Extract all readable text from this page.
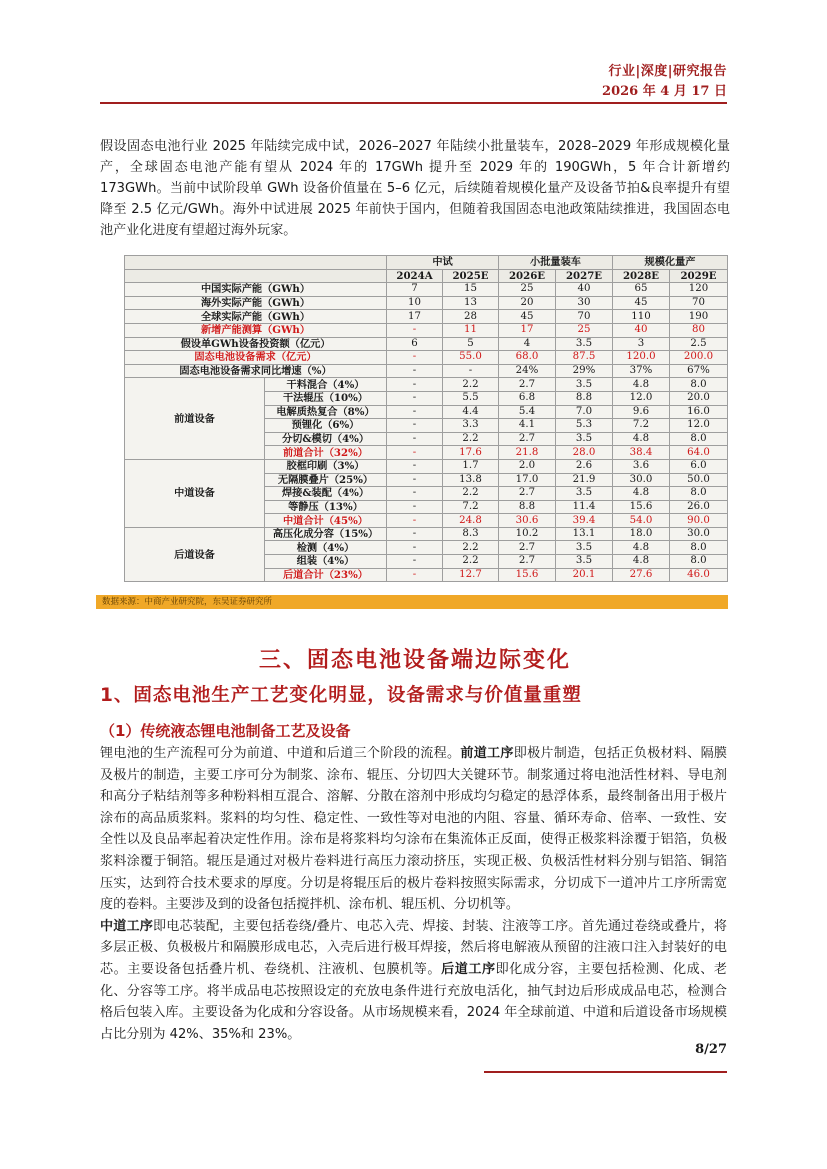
行业|深度|研究报告
2026 年 4 月 17 日

假设固态电池行业 2025 年陆续完成中试，2026–2027 年陆续小批量装车，2028–2029 年形成规模化量产，全球固态电池产能有望从 2024 年的 17GWh 提升至 2029 年的 190GWh，5 年合计新增约 173GWh。当前中试阶段单 GWh 设备价值量在 5–6 亿元，后续随着规模化量产及设备节拍&良率提升有望降至 2.5 亿元/GWh。海外中试进展 2025 年前快于国内，但随着我国固态电池政策陆续推进，我国固态电池产业化进度有望超过海外玩家。

		中试		小批量装车		规模化量产	
		2024A	2025E	2026E	2027E	2028E	2029E
中国实际产能（GWh）		7	15	25	40	65	120
海外实际产能（GWh）		10	13	20	30	45	70
全球实际产能（GWh）		17	28	45	70	110	190
新增产能测算（GWh）		-	11	17	25	40	80
假设单GWh设备投资额（亿元）		6	5	4	3.5	3	2.5
固态电池设备需求（亿元）		-	55.0	68.0	87.5	120.0	200.0
固态电池设备需求同比增速（%）		-	-	24%	29%	37%	67%
前道设备	干料混合（4%）	-	2.2	2.7	3.5	4.8	8.0
	干法辊压（10%）	-	5.5	6.8	8.8	12.0	20.0
	电解质热复合（8%）	-	4.4	5.4	7.0	9.6	16.0
	预锂化（6%）	-	3.3	4.1	5.3	7.2	12.0
	分切&模切（4%）	-	2.2	2.7	3.5	4.8	8.0
	前道合计（32%）	-	17.6	21.8	28.0	38.4	64.0
中道设备	胶框印刷（3%）	-	1.7	2.0	2.6	3.6	6.0
	无隔膜叠片（25%）	-	13.8	17.0	21.9	30.0	50.0
	焊接&装配（4%）	-	2.2	2.7	3.5	4.8	8.0
	等静压（13%）	-	7.2	8.8	11.4	15.6	26.0
	中道合计（45%）	-	24.8	30.6	39.4	54.0	90.0
后道设备	高压化成分容（15%）	-	8.3	10.2	13.1	18.0	30.0
	检测（4%）	-	2.2	2.7	3.5	4.8	8.0
	组装（4%）	-	2.2	2.7	3.5	4.8	8.0
	后道合计（23%）	-	12.7	15.6	20.1	27.6	46.0
数据来源：中商产业研究院，东吴证券研究所
三、固态电池设备端边际变化
1、固态电池生产工艺变化明显，设备需求与价值量重塑
（1）传统液态锂电池制备工艺及设备
锂电池的生产流程可分为前道、中道和后道三个阶段的流程。前道工序即极片制造，包括正负极材料、隔膜及极片的制造，主要工序可分为制浆、涂布、辊压、分切四大关键环节。制浆通过将电池活性材料、导电剂和高分子粘结剂等多种粉料相互混合、溶解、分散在溶剂中形成均匀稳定的悬浮体系，最终制备出用于极片涂布的高品质浆料。浆料的均匀性、稳定性、一致性等对电池的内阻、容量、循环寿命、倍率、一致性、安全性以及良品率起着决定性作用。涂布是将浆料均匀涂布在集流体正反面，使得正极浆料涂覆于铝箔，负极浆料涂覆于铜箔。辊压是通过对极片卷料进行高压力滚动挤压，实现正极、负极活性材料分别与铝箔、铜箔压实，达到符合技术要求的厚度。分切是将辊压后的极片卷料按照实际需求，分切成下一道冲片工序所需宽度的卷料。主要涉及到的设备包括搅拌机、涂布机、辊压机、分切机等。
中道工序即电芯装配，主要包括卷绕/叠片、电芯入壳、焊接、封装、注液等工序。首先通过卷绕或叠片，将多层正极、负极极片和隔膜形成电芯，入壳后进行极耳焊接，然后将电解液从预留的注液口注入封装好的电芯。主要设备包括叠片机、卷绕机、注液机、包膜机等。后道工序即化成分容，主要包括检测、化成、老化、分容等工序。将半成品电芯按照设定的充放电条件进行充放电活化，抽气封边后形成成品电芯，检测合格后包装入库。主要设备为化成和分容设备。从市场规模来看，2024 年全球前道、中道和后道设备市场规模占比分别为 42%、35%和 23%。
8/27
